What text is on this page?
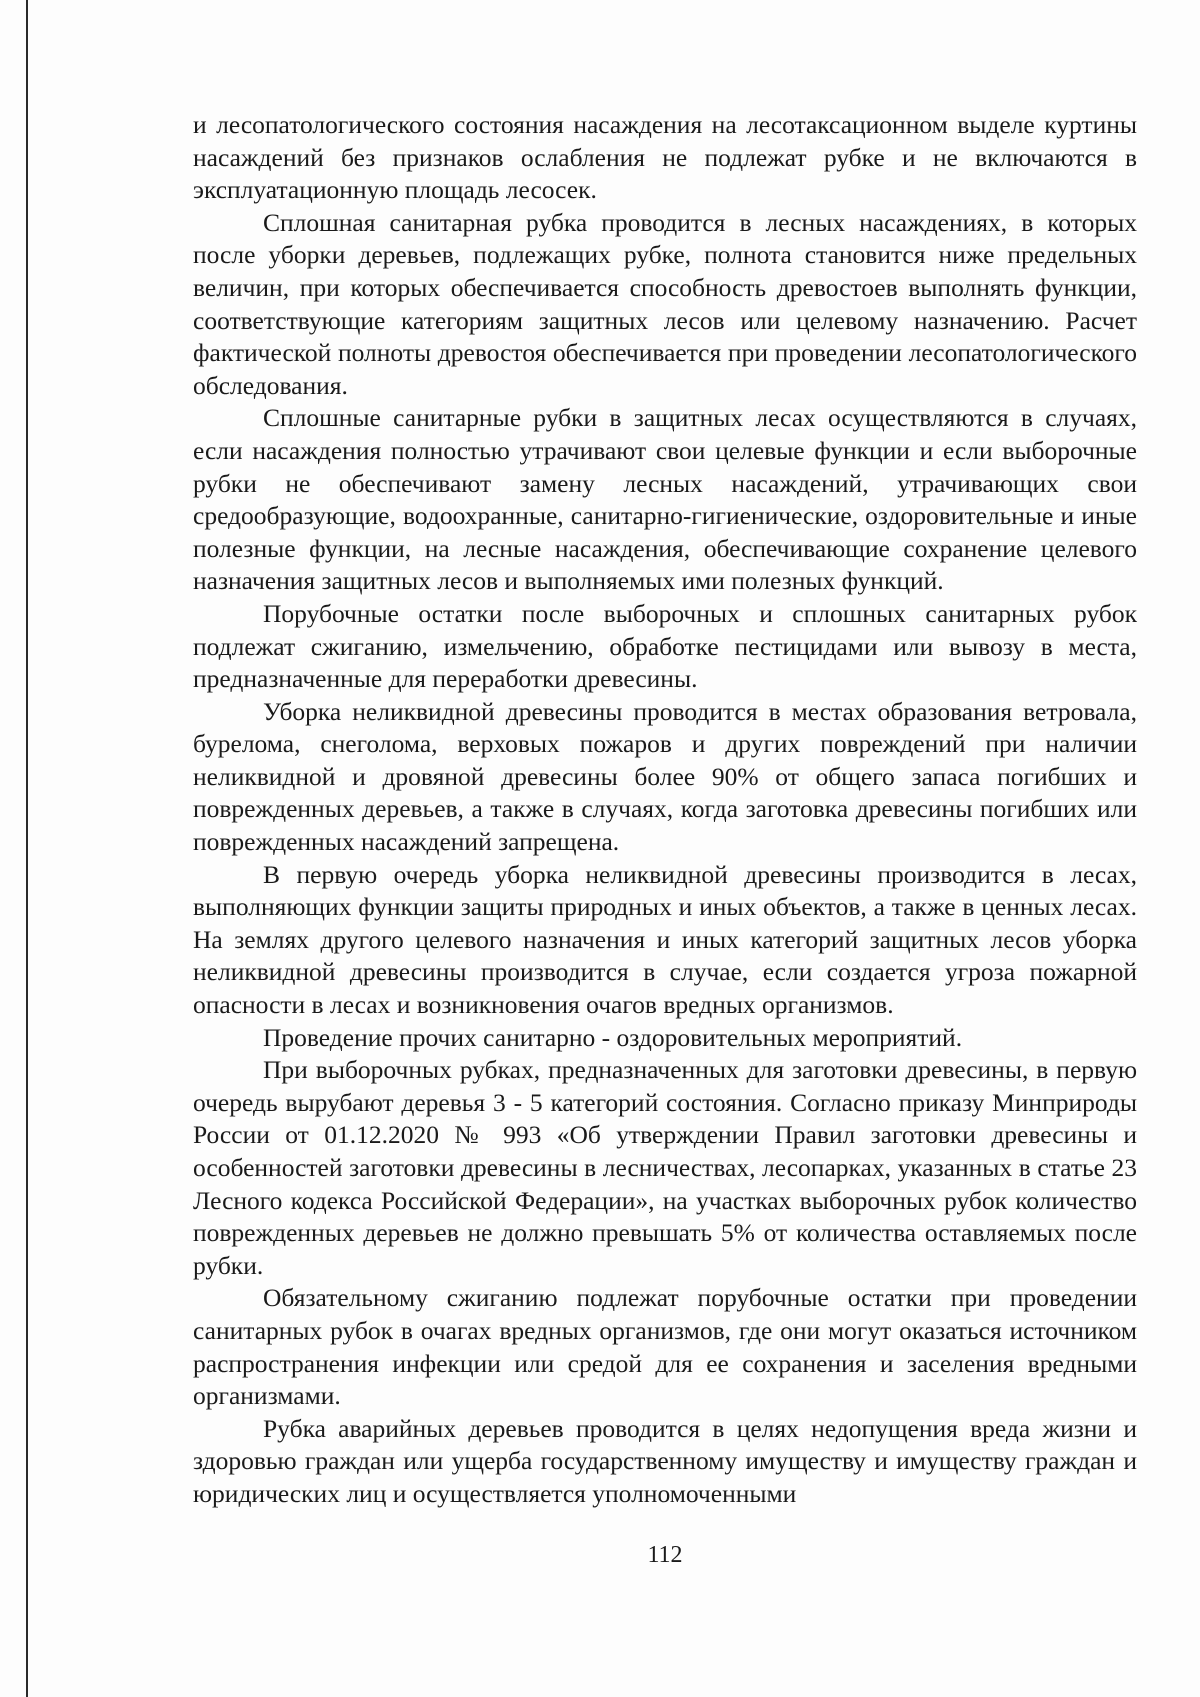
и лесопатологического состояния насаждения на лесотаксационном выделе куртины насаждений без признаков ослабления не подлежат рубке и не включаются в эксплуатационную площадь лесосек.

Сплошная санитарная рубка проводится в лесных насаждениях, в которых после уборки деревьев, подлежащих рубке, полнота становится ниже предельных величин, при которых обеспечивается способность древостоев выполнять функции, соответствующие категориям защитных лесов или целевому назначению. Расчет фактической полноты древостоя обеспечивается при проведении лесопатологического обследования.

Сплошные санитарные рубки в защитных лесах осуществляются в случаях, если насаждения полностью утрачивают свои целевые функции и если выборочные рубки не обеспечивают замену лесных насаждений, утрачивающих свои средообразующие, водоохранные, санитарно-гигиенические, оздоровительные и иные полезные функции, на лесные насаждения, обеспечивающие сохранение целевого назначения защитных лесов и выполняемых ими полезных функций.

Порубочные остатки после выборочных и сплошных санитарных рубок подлежат сжиганию, измельчению, обработке пестицидами или вывозу в места, предназначенные для переработки древесины.

Уборка неликвидной древесины проводится в местах образования ветровала, бурелома, снеголома, верховых пожаров и других повреждений при наличии неликвидной и дровяной древесины более 90% от общего запаса погибших и поврежденных деревьев, а также в случаях, когда заготовка древесины погибших или поврежденных насаждений запрещена.

В первую очередь уборка неликвидной древесины производится в лесах, выполняющих функции защиты природных и иных объектов, а также в ценных лесах. На землях другого целевого назначения и иных категорий защитных лесов уборка неликвидной древесины производится в случае, если создается угроза пожарной опасности в лесах и возникновения очагов вредных организмов.

Проведение прочих санитарно - оздоровительных мероприятий.

При выборочных рубках, предназначенных для заготовки древесины, в первую очередь вырубают деревья 3 - 5 категорий состояния. Согласно приказу Минприроды России от 01.12.2020 № 993 «Об утверждении Правил заготовки древесины и особенностей заготовки древесины в лесничествах, лесопарках, указанных в статье 23 Лесного кодекса Российской Федерации», на участках выборочных рубок количество поврежденных деревьев не должно превышать 5% от количества оставляемых после рубки.

Обязательному сжиганию подлежат порубочные остатки при проведении санитарных рубок в очагах вредных организмов, где они могут оказаться источником распространения инфекции или средой для ее сохранения и заселения вредными организмами.

Рубка аварийных деревьев проводится в целях недопущения вреда жизни и здоровью граждан или ущерба государственному имуществу и имуществу граждан и юридических лиц и осуществляется уполномоченными

112
